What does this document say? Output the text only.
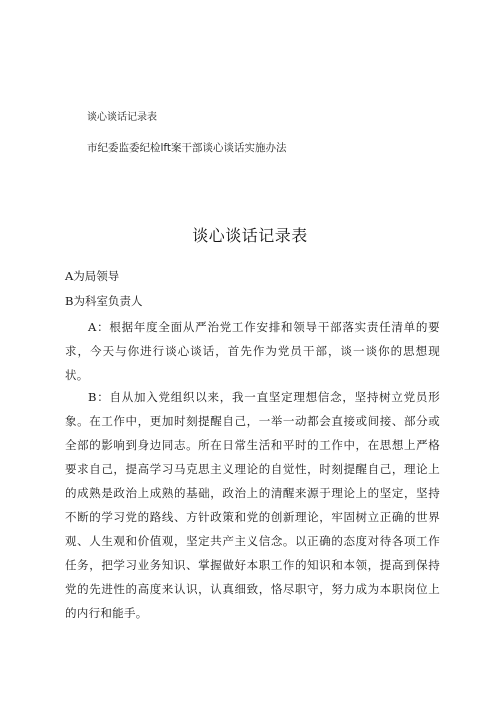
谈心谈话记录表
市纪委监委纪检lft案干部谈心谈话实施办法
谈心谈话记录表
A为局领导
B为科室负责人

A：根据年度全面从严治党工作安排和领导干部落实责任清单的要求，今天与你进行谈心谈话，首先作为党员干部，谈一谈你的思想现状。

B：自从加入党组织以来，我一直坚定理想信念，坚持树立党员形象。在工作中，更加时刻提醒自己，一举一动都会直接或间接、部分或全部的影响到身边同志。所在日常生活和平时的工作中，在思想上严格要求自己，提高学习马克思主义理论的自觉性，时刻提醒自己，理论上的成熟是政治上成熟的基础，政治上的清醒来源于理论上的坚定，坚持不断的学习党的路线、方针政策和党的创新理论，牢固树立正确的世界观、人生观和价值观，坚定共产主义信念。以正确的态度对待各项工作任务，把学习业务知识、掌握做好本职工作的知识和本领，提高到保持党的先进性的高度来认识，认真细致，恪尽职守，努力成为本职岗位上的内行和能手。
